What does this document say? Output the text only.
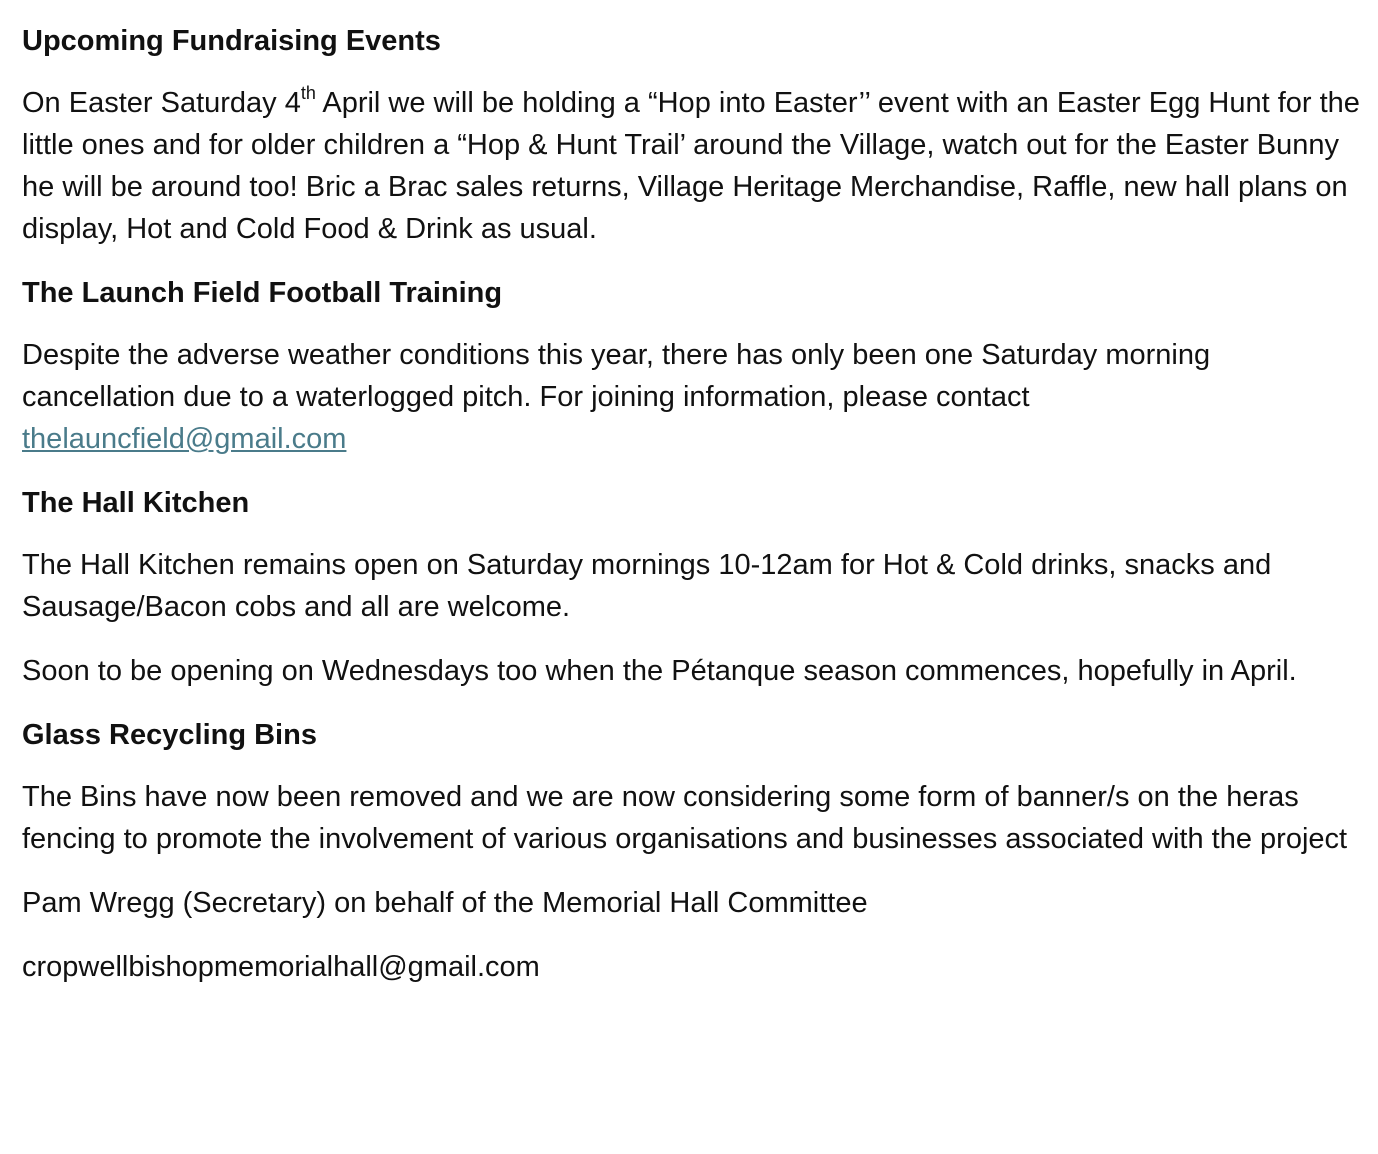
Upcoming Fundraising Events

On Easter Saturday 4th April we will be holding a “Hop into Easter’’ event with an Easter Egg Hunt for the little ones and for older children a “Hop & Hunt Trail’ around the Village, watch out for the Easter Bunny he will be around too! Bric a Brac sales returns, Village Heritage Merchandise, Raffle, new hall plans on display, Hot and Cold Food & Drink as usual.

The Launch Field Football Training

Despite the adverse weather conditions this year, there has only been one Saturday morning cancellation due to a waterlogged pitch. For joining information, please contact
thelauncfield@gmail.com

The Hall Kitchen

The Hall Kitchen remains open on Saturday mornings 10-12am for Hot & Cold drinks, snacks and Sausage/Bacon cobs and all are welcome.

Soon to be opening on Wednesdays too when the Pétanque season commences, hopefully in April.

Glass Recycling Bins

The Bins have now been removed and we are now considering some form of banner/s on the heras fencing to promote the involvement of various organisations and businesses associated with the project

Pam Wregg (Secretary) on behalf of the Memorial Hall Committee

cropwellbishopmemorialhall@gmail.com
